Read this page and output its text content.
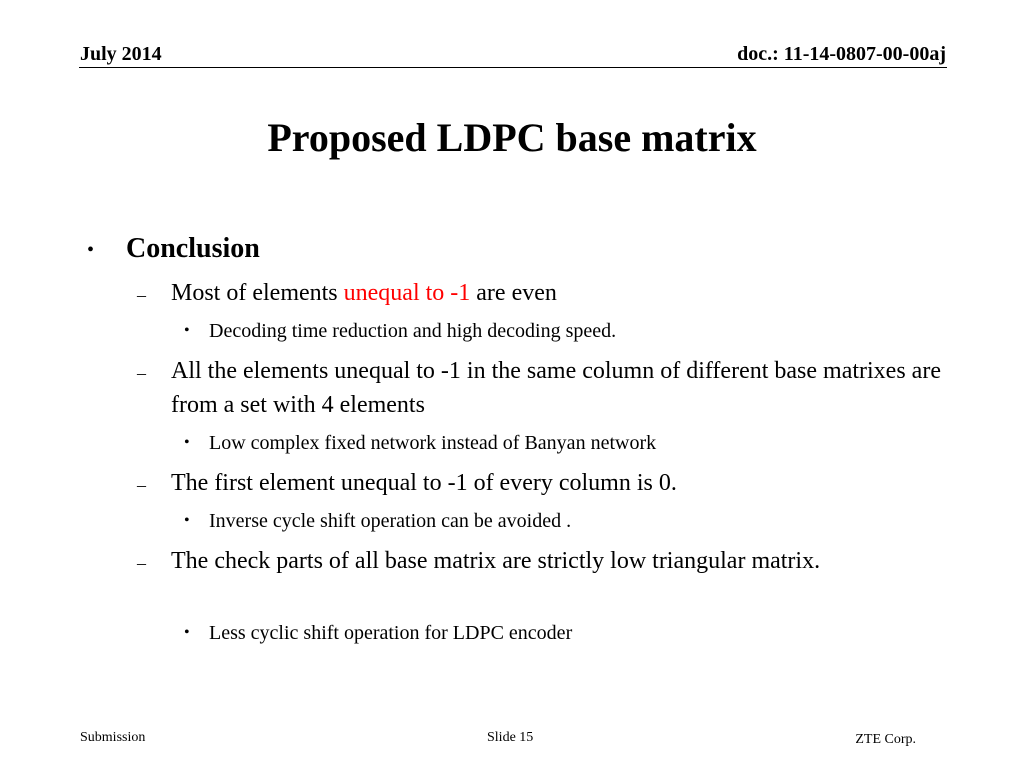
July 2014	doc.: 11-14-0807-00-00aj
Proposed LDPC base matrix
• Conclusion
– Most of elements unequal to -1 are even
• Decoding time reduction and high decoding speed.
– All the elements unequal to -1 in the same column of different base matrixes are from a set with 4 elements
• Low complex fixed network instead of Banyan network
– The first element unequal to -1 of every column is 0.
• Inverse cycle shift operation can be avoided .
– The check parts of all base matrix are strictly low triangular matrix.
• Less cyclic shift operation for LDPC encoder
Submission	Slide 15	ZTE Corp.
